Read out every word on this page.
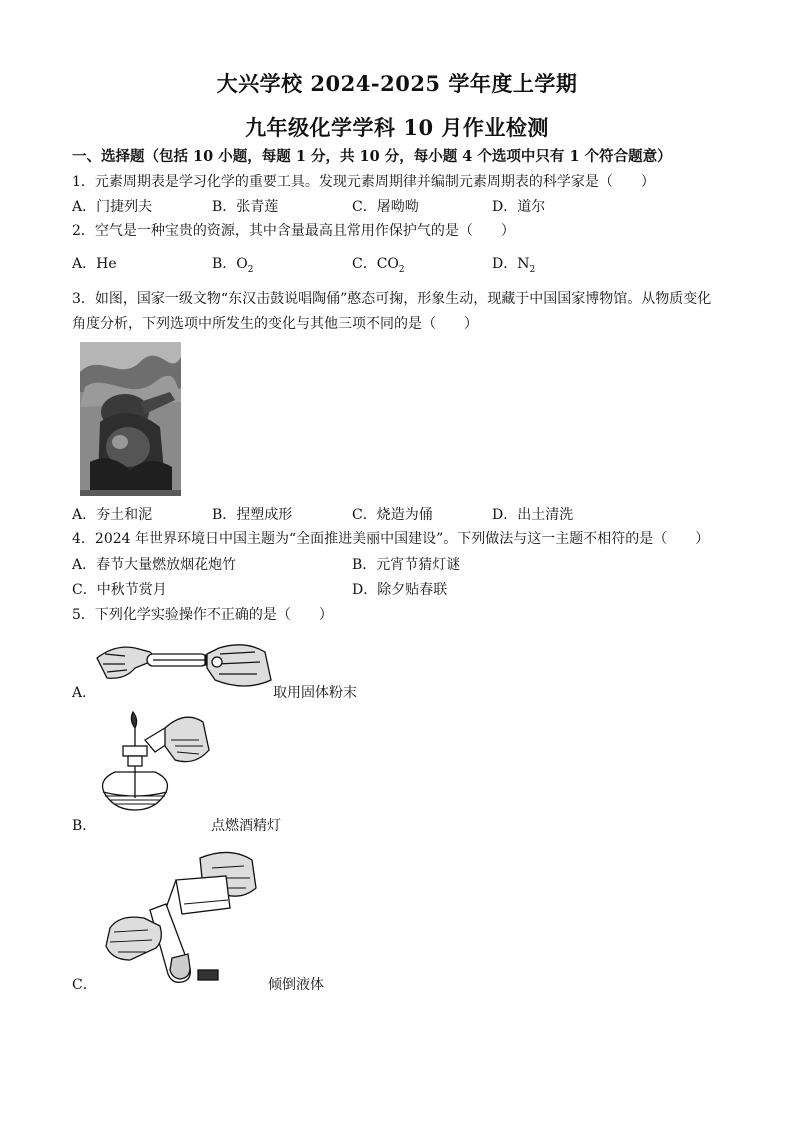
大兴学校 2024-2025 学年度上学期
九年级化学学科 10 月作业检测
一、选择题（包括 10 小题，每题 1 分，共 10 分，每小题 4 个选项中只有 1 个符合题意）
1．元素周期表是学习化学的重要工具。发现元素周期律并编制元素周期表的科学家是（　　）
A．门捷列夫	B．张青莲	C．屠呦呦	D．道尔
2．空气是一种宝贵的资源，其中含量最高且常用作保护气的是（　　）
A．He	B．$O_2$	C．$CO_2$	D．$N_2$
3．如图，国家一级文物“东汉击鼓说唱陶俑”憨态可掬，形象生动，现藏于中国国家博物馆。从物质变化
角度分析，下列选项中所发生的变化与其他三项不同的是（　　）
A．夯土和泥	B．捏塑成形	C．烧造为俑	D．出土清洗
4．2024 年世界环境日中国主题为“全面推进美丽中国建设”。下列做法与这一主题不相符的是（　　）
A．春节大量燃放烟花炮竹	B．元宵节猜灯谜
C．中秋节赏月	D．除夕贴春联
5．下列化学实验操作不正确的是（　　）
A．	取用固体粉末
B．	点燃酒精灯
C．	倾倒液体
